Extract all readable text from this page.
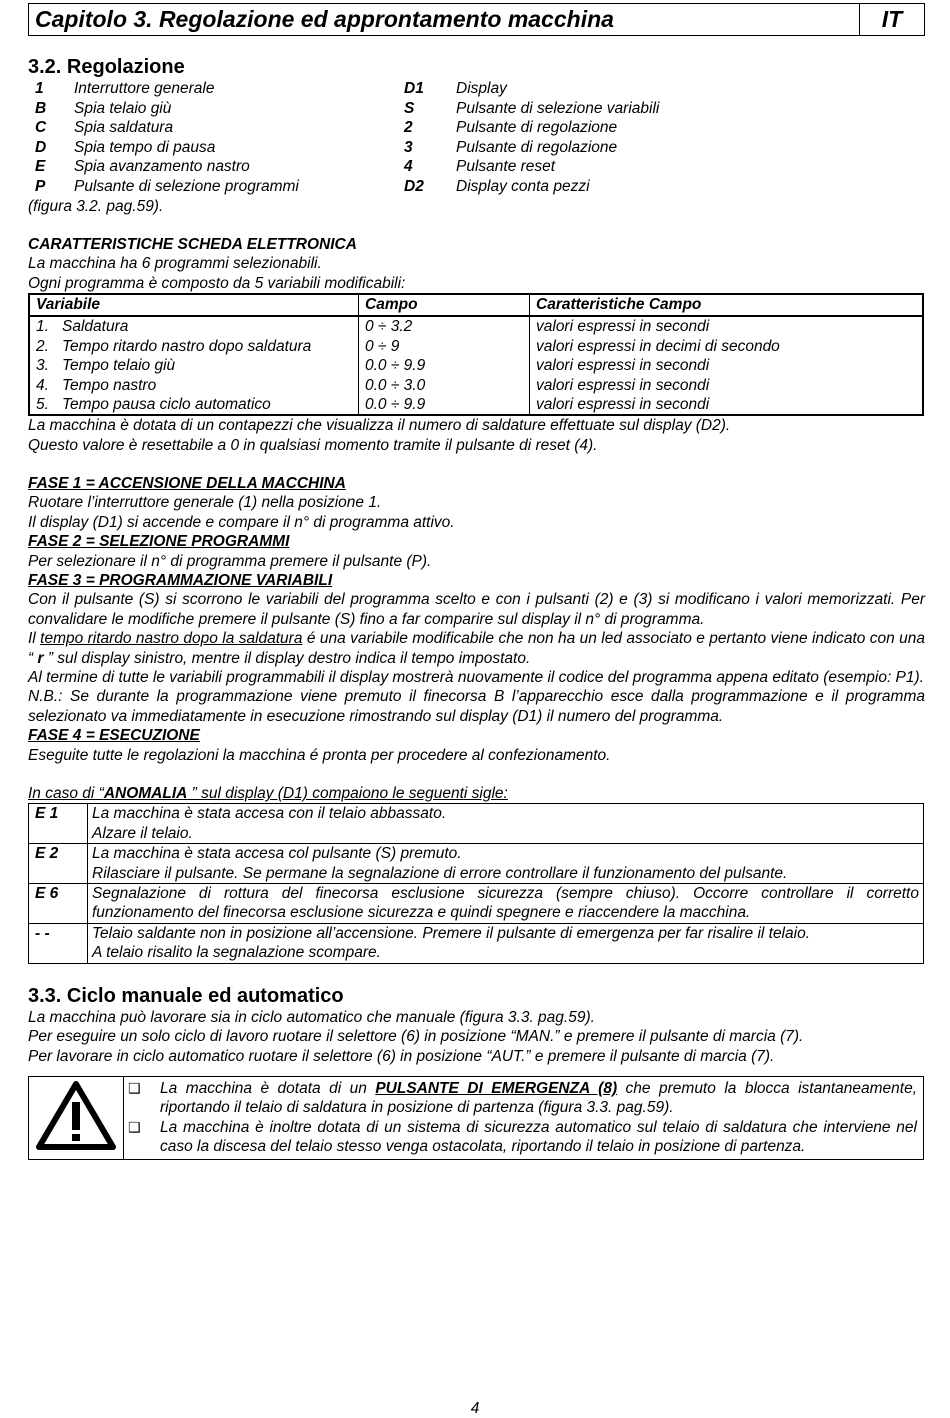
Capitolo 3. Regolazione ed approntamento macchina	IT
3.2. Regolazione
1 Interruttore generale	D1 Display
B Spia telaio giù	S	Pulsante di selezione variabili
C Spia saldatura	2	Pulsante di regolazione
D Spia tempo di pausa	3	Pulsante di regolazione
E Spia avanzamento nastro	4	Pulsante reset
P Pulsante di selezione programmi	D2 Display conta pezzi
(figura 3.2. pag.59).
CARATTERISTICHE SCHEDA ELETTRONICA
La macchina ha 6 programmi selezionabili.
Ogni programma è composto da 5 variabili modificabili:
Variabile	Campo	Caratteristiche Campo
1. Saldatura	0 ÷ 3.2	valori espressi in secondi
2. Tempo ritardo nastro dopo saldatura	0 ÷ 9	valori espressi in decimi di secondo
3. Tempo telaio giù	0.0 ÷ 9.9	valori espressi in secondi
4. Tempo nastro	0.0 ÷ 3.0	valori espressi in secondi
5. Tempo pausa ciclo automatico	0.0 ÷ 9.9	valori espressi in secondi
La macchina è dotata di un contapezzi che visualizza il numero di saldature effettuate sul display (D2).
Questo valore è resettabile a 0 in qualsiasi momento tramite il pulsante di reset (4).
FASE 1 = ACCENSIONE DELLA MACCHINA
Ruotare l’interruttore generale (1) nella posizione 1.
Il display (D1) si accende e compare il n° di programma attivo.
FASE 2 = SELEZIONE PROGRAMMI
Per selezionare il n° di programma premere il pulsante (P).
FASE 3 = PROGRAMMAZIONE VARIABILI
Con il pulsante (S) si scorrono le variabili del programma scelto e con i pulsanti (2) e (3) si modificano i valori memorizzati. Per convalidare le modifiche premere il pulsante (S) fino a far comparire sul display il n° di programma.
Il tempo ritardo nastro dopo la saldatura é una variabile modificabile che non ha un led associato e pertanto viene indicato con una “ r ” sul display sinistro, mentre il display destro indica il tempo impostato.
Al termine di tutte le variabili programmabili il display mostrerà nuovamente il codice del programma appena editato (esempio: P1).
N.B.: Se durante la programmazione viene premuto il finecorsa B l’apparecchio esce dalla programmazione e il programma selezionato va immediatamente in esecuzione rimostrando sul display (D1) il numero del programma.
FASE 4 = ESECUZIONE
Eseguite tutte le regolazioni la macchina é pronta per procedere al confezionamento.
In caso di “ANOMALIA ” sul display (D1) compaiono le seguenti sigle:
E 1	La macchina è stata accesa con il telaio abbassato.
Alzare il telaio.

E 2	La macchina è stata accesa col pulsante (S) premuto.
Rilasciare il pulsante. Se permane la segnalazione di errore controllare il funzionamento del pulsante.

E 6	Segnalazione di rottura del finecorsa esclusione sicurezza (sempre chiuso). Occorre controllare il corretto funzionamento del finecorsa esclusione sicurezza e quindi spegnere e riaccendere la macchina.

- -	Telaio saldante non in posizione all’accensione. Premere il pulsante di emergenza per far risalire il telaio.
A telaio risalito la segnalazione scompare.
3.3. Ciclo manuale ed automatico
La macchina può lavorare sia in ciclo automatico che manuale (figura 3.3. pag.59).
Per eseguire un solo ciclo di lavoro ruotare il selettore (6) in posizione “MAN.” e premere il pulsante di marcia (7).
Per lavorare in ciclo automatico ruotare il selettore (6) in posizione “AUT.” e premere il pulsante di marcia (7).

❑	La macchina è dotata di un PULSANTE DI EMERGENZA (8) che premuto la blocca istantaneamente, riportando il telaio di saldatura in posizione di partenza (figura 3.3. pag.59).
❑	La macchina è inoltre dotata di un sistema di sicurezza automatico sul telaio di saldatura che interviene nel caso la discesa del telaio stesso venga ostacolata, riportando il telaio in posizione di partenza.
4
